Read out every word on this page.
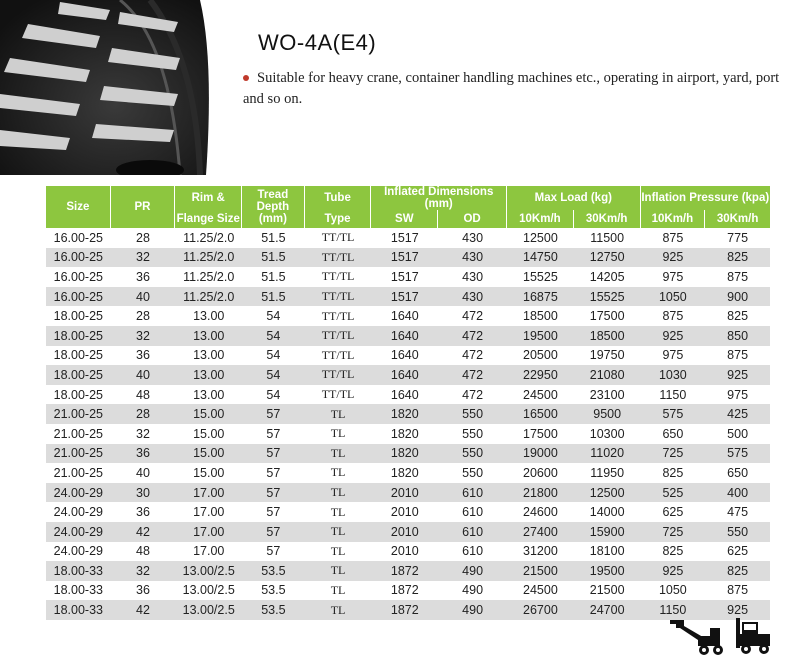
WO-4A(E4)
Suitable for heavy crane, container handling machines etc., operating in airport, yard, port and so on.
Size	PR	Rim &	Tread Depth (mm)	Tube	Inflated Dimensions (mm)		Max Load (kg)		Inflation Pressure (kpa)	
		Flange Size		Type	SW	OD	10Km/h	30Km/h	10Km/h	30Km/h
16.00-25	28	11.25/2.0	51.5	TT/TL	1517	430	12500	11500	875	775
16.00-25	32	11.25/2.0	51.5	TT/TL	1517	430	14750	12750	925	825
16.00-25	36	11.25/2.0	51.5	TT/TL	1517	430	15525	14205	975	875
16.00-25	40	11.25/2.0	51.5	TT/TL	1517	430	16875	15525	1050	900
18.00-25	28	13.00	54	TT/TL	1640	472	18500	17500	875	825
18.00-25	32	13.00	54	TT/TL	1640	472	19500	18500	925	850
18.00-25	36	13.00	54	TT/TL	1640	472	20500	19750	975	875
18.00-25	40	13.00	54	TT/TL	1640	472	22950	21080	1030	925
18.00-25	48	13.00	54	TT/TL	1640	472	24500	23100	1150	975
21.00-25	28	15.00	57	TL	1820	550	16500	9500	575	425
21.00-25	32	15.00	57	TL	1820	550	17500	10300	650	500
21.00-25	36	15.00	57	TL	1820	550	19000	11020	725	575
21.00-25	40	15.00	57	TL	1820	550	20600	11950	825	650
24.00-29	30	17.00	57	TL	2010	610	21800	12500	525	400
24.00-29	36	17.00	57	TL	2010	610	24600	14000	625	475
24.00-29	42	17.00	57	TL	2010	610	27400	15900	725	550
24.00-29	48	17.00	57	TL	2010	610	31200	18100	825	625
18.00-33	32	13.00/2.5	53.5	TL	1872	490	21500	19500	925	825
18.00-33	36	13.00/2.5	53.5	TL	1872	490	24500	21500	1050	875
18.00-33	42	13.00/2.5	53.5	TL	1872	490	26700	24700	1150	925
